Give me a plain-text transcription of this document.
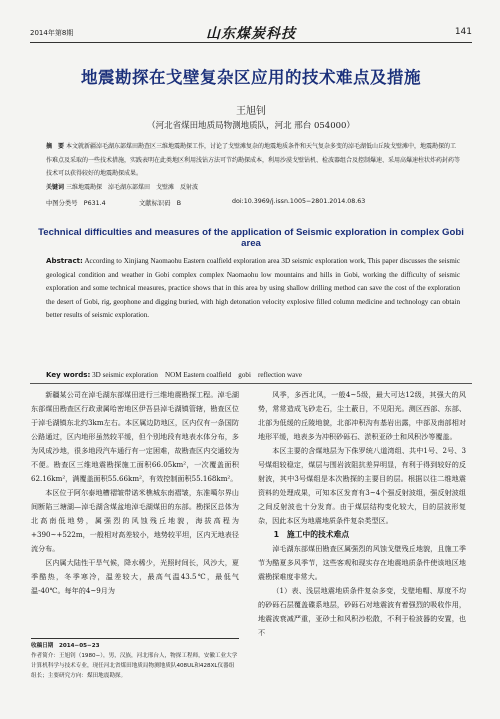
2014年第8期	山东煤炭科技	141
地震勘探在戈壁复杂区应用的技术难点及措施
王旭钊
（河北省煤田地质局物测地质队，河北 邢台 054000）
摘　要 本文就新疆淖毛湖东部煤田勘查区三维地震勘探工作，讨论了戈壁滩复杂的地震地质条件和天气复杂多变的淖毛湖低山丘陵戈壁滩中，地震勘探的工作难点及采取的一些技术措施，实践表明在此类地区利用浅钻方法可节约勘探成本，利用沙漠戈壁钻机、检波器组合及控制爆速、采用高爆速柱状炸药封药等技术可以获得较好的地震勘探成果。
关键词 三维地震勘探　淖毛湖东部煤田　戈壁滩　反射波
中图分类号　P631.4	文献标识码　B	doi:10.3969/j.issn.1005−2801.2014.08.63
Technical difficulties and measures of the application of Seismic exploration in complex Gobi area
Abstract: According to Xinjiang Naomaohu Eastern coalfield exploration area 3D seismic exploration work, This paper discusses the seismic geological condition and weather in Gobi complex complex Naomaohu low mountains and hills in Gobi, working the difficulty of seismic exploration and some technical measures, practice shows that in this area by using shallow drilling method can save the cost of the exploration the desert of Gobi, rig, geophone and digging buried, with high detonation velocity explosive filled column medicine and technology can obtain better results of seismic exploration.
Key words: 3D seismic exploration　NOM Eastern coalfield　gobi　reflection wave

新疆某公司在淖毛湖东部煤田进行三维地震勘探工程。淖毛湖东部煤田勘查区行政隶属哈密地区伊吾县淖毛湖镇管辖，勘查区位于淖毛湖镇东北约3km左右。本区属边防地区，区内仅有一条国防公路通过，区内地形虽然较平缓，但个别地段有地表水体分布，多为风成沙地，很多地段汽车通行有一定困难，故勘查区内交通较为不便。勘查区三维地震勘探施工面积66.05km²，一次覆盖面积62.16km²，满覆盖面积55.66km²，有效控制面积55.168km²。

本区位于阿尔泰地槽褶皱带诺米樵城东南褶皱，东准噶尔界山间断陷三塘湖—淖毛湖含煤盆地淖毛湖煤田的东部。勘探区总体为北高南低地势，属强烈的风蚀残丘地貌，海拔高程为+390~+522m，一般相对高差较小，地势较平坦，区内无地表径流分布。

区内属大陆性干旱气候，降水稀少，光照时间长，风沙大，夏季酷热，冬季寒冷，温差较大，最高气温43.5℃，最低气温-40℃。每年的4~9月为

收稿日期　2014−05−23

作者简介：王旭钊（1980−），男，汉族，河北邢台人，物探工程师，安徽工业大学计算机科学与技术专业，现任河北省煤田地质局物测地质队408UL和428XL仪器组组长；主要研究方向：煤田地震勘探。

风季，多西北风，一般4~5级，最大可达12级，其强大的风势，常常造成飞砂走石，尘土蔽日，不见阳光。测区西部、东部、北部为低缓的丘陵地貌，北部冲积沟有基岩出露，中部及南部相对地形平缓，地表多为冲积砂砾石、淤积亚砂土和风积沙等覆盖。

本区主要的含煤地层为下侏罗统八道湾组、共中1号、2号、3号煤组较稳定，煤层与围岩波阻抗差异明显，有利于得到较好的反射波，其中3号煤组是本次勘探的主要目的层。根据以往二维地震资料的处理成果，可知本区发育有3~4个强反射波组，强反射波组之间反射波也十分发育。由于煤层结构变化较大，目的层波形复杂，因此本区为地震地质条件复杂类型区。

1　施工中的技术难点

淖毛湖东部煤田勘查区属强烈的风蚀戈壁残丘地貌，且施工季节为酷夏多风季节，这些客观和现实存在地震地质条件使该地区地震勘探难度非常大。

（1）表、浅层地震地质条件复杂多变，戈壁地帽、厚度不均的砂砾石层覆盖碟系地层，砂砾石对地震波有着强烈的吸收作用，地震波衰减严重，亚砂土和风积沙松散，不利于检波器的安置，也不
